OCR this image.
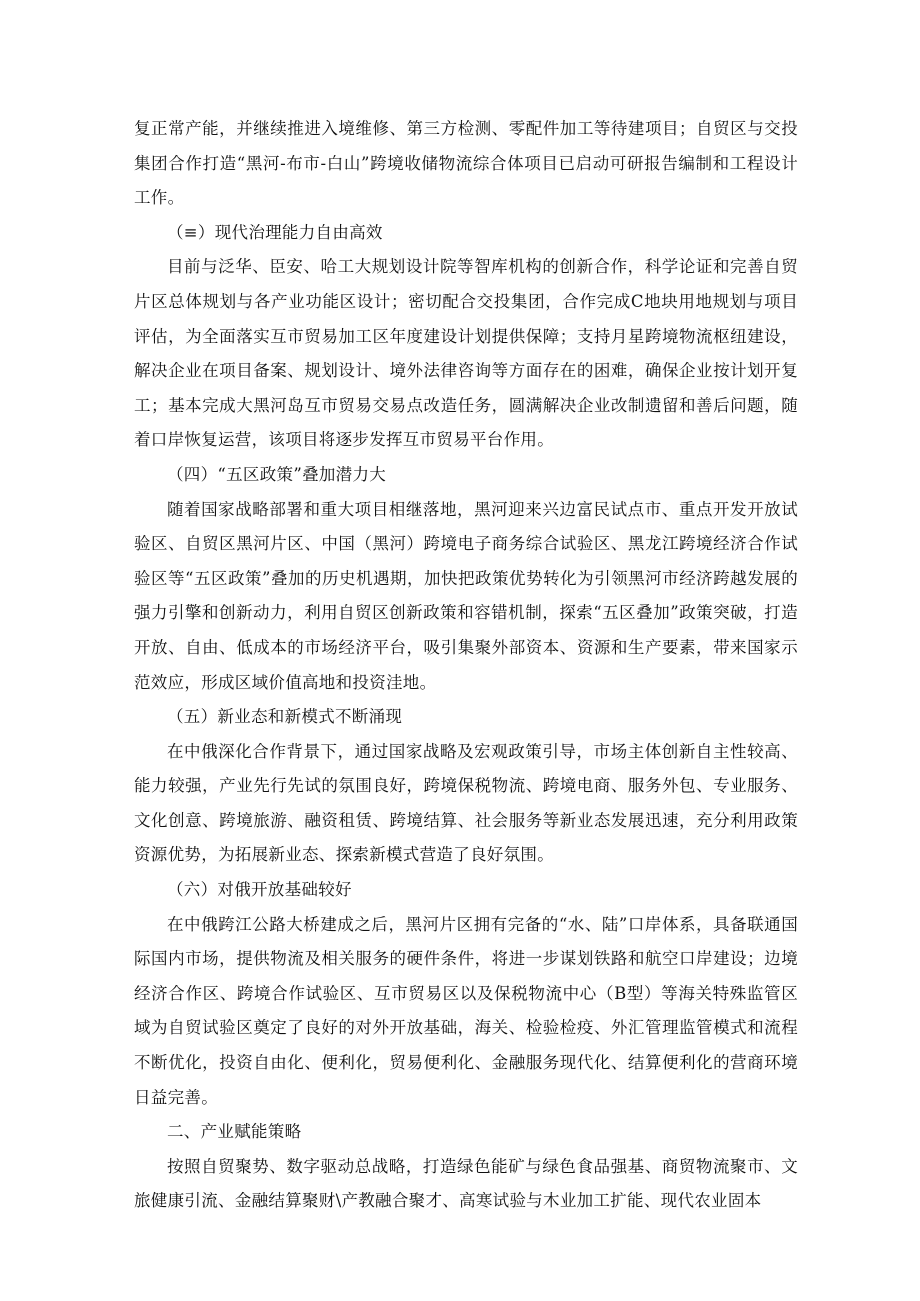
复正常产能，并继续推进入境维修、第三方检测、零配件加工等待建项目；自贸区与交投集团合作打造“黑河-布市-白山”跨境收储物流综合体项目已启动可研报告编制和工程设计工作。

（≡）现代治理能力自由高效

目前与泛华、臣安、哈工大规划设计院等智库机构的创新合作，科学论证和完善自贸片区总体规划与各产业功能区设计；密切配合交投集团，合作完成C地块用地规划与项目评估，为全面落实互市贸易加工区年度建设计划提供保障；支持月星跨境物流枢纽建设，解决企业在项目备案、规划设计、境外法律咨询等方面存在的困难，确保企业按计划开复工；基本完成大黑河岛互市贸易交易点改造任务，圆满解决企业改制遗留和善后问题，随着口岸恢复运营，该项目将逐步发挥互市贸易平台作用。

（四）“五区政策”叠加潜力大

随着国家战略部署和重大项目相继落地，黑河迎来兴边富民试点市、重点开发开放试验区、自贸区黑河片区、中国（黑河）跨境电子商务综合试验区、黑龙江跨境经济合作试验区等“五区政策”叠加的历史机遇期，加快把政策优势转化为引领黑河市经济跨越发展的强力引擎和创新动力，利用自贸区创新政策和容错机制，探索“五区叠加”政策突破，打造开放、自由、低成本的市场经济平台，吸引集聚外部资本、资源和生产要素，带来国家示范效应，形成区域价值高地和投资洼地。

（五）新业态和新模式不断涌现

在中俄深化合作背景下，通过国家战略及宏观政策引导，市场主体创新自主性较高、能力较强，产业先行先试的氛围良好，跨境保税物流、跨境电商、服务外包、专业服务、文化创意、跨境旅游、融资租赁、跨境结算、社会服务等新业态发展迅速，充分利用政策资源优势，为拓展新业态、探索新模式营造了良好氛围。

（六）对俄开放基础较好

在中俄跨江公路大桥建成之后，黑河片区拥有完备的“水、陆”口岸体系，具备联通国际国内市场，提供物流及相关服务的硬件条件，将进一步谋划铁路和航空口岸建设；边境经济合作区、跨境合作试验区、互市贸易区以及保税物流中心（B型）等海关特殊监管区域为自贸试验区奠定了良好的对外开放基础，海关、检验检疫、外汇管理监管模式和流程不断优化，投资自由化、便利化，贸易便利化、金融服务现代化、结算便利化的营商环境日益完善。

二、产业赋能策略

按照自贸聚势、数字驱动总战略，打造绿色能矿与绿色食品强基、商贸物流聚市、文旅健康引流、金融结算聚财\产教融合聚才、高寒试验与木业加工扩能、现代农业固本
